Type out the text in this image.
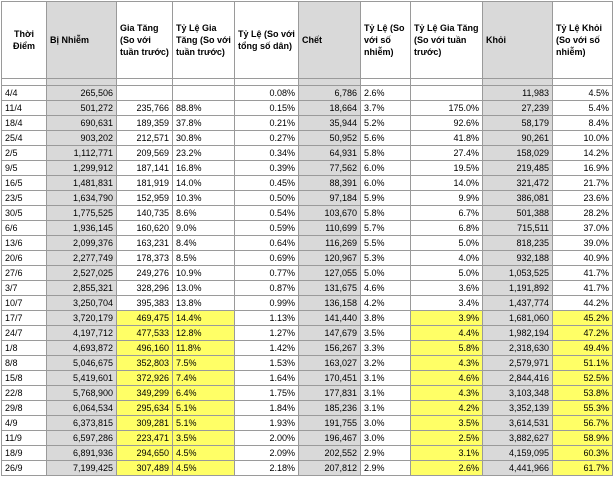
Thời Điểm	Bị Nhiễm	Gia Tăng (So với tuần trước)	Tỷ Lệ Gia Tăng (So với tuần trước)	Tỷ Lệ (So với tổng số dân)	Chết	Tỷ Lệ (So với số nhiễm)	Tỷ Lệ Gia Tăng (So với tuần trước)	Khỏi	Tỷ Lệ Khỏi (So với số nhiễm)

4/4	265,506			0.08%	6,786	2.6%		11,983	4.5%
11/4	501,272	235,766	88.8%	0.15%	18,664	3.7%	175.0%	27,239	5.4%
18/4	690,631	189,359	37.8%	0.21%	35,944	5.2%	92.6%	58,179	8.4%
25/4	903,202	212,571	30.8%	0.27%	50,952	5.6%	41.8%	90,261	10.0%
2/5	1,112,771	209,569	23.2%	0.34%	64,931	5.8%	27.4%	158,029	14.2%
9/5	1,299,912	187,141	16.8%	0.39%	77,562	6.0%	19.5%	219,485	16.9%
16/5	1,481,831	181,919	14.0%	0.45%	88,391	6.0%	14.0%	321,472	21.7%
23/5	1,634,790	152,959	10.3%	0.50%	97,184	5.9%	9.9%	386,081	23.6%
30/5	1,775,525	140,735	8.6%	0.54%	103,670	5.8%	6.7%	501,388	28.2%
6/6	1,936,145	160,620	9.0%	0.59%	110,699	5.7%	6.8%	715,511	37.0%
13/6	2,099,376	163,231	8.4%	0.64%	116,269	5.5%	5.0%	818,235	39.0%
20/6	2,277,749	178,373	8.5%	0.69%	120,967	5.3%	4.0%	932,188	40.9%
27/6	2,527,025	249,276	10.9%	0.77%	127,055	5.0%	5.0%	1,053,525	41.7%
3/7	2,855,321	328,296	13.0%	0.87%	131,675	4.6%	3.6%	1,191,892	41.7%
10/7	3,250,704	395,383	13.8%	0.99%	136,158	4.2%	3.4%	1,437,774	44.2%
17/7	3,720,179	469,475	14.4%	1.13%	141,440	3.8%	3.9%	1,681,060	45.2%
24/7	4,197,712	477,533	12.8%	1.27%	147,679	3.5%	4.4%	1,982,194	47.2%
1/8	4,693,872	496,160	11.8%	1.42%	156,267	3.3%	5.8%	2,318,630	49.4%
8/8	5,046,675	352,803	7.5%	1.53%	163,027	3.2%	4.3%	2,579,971	51.1%
15/8	5,419,601	372,926	7.4%	1.64%	170,451	3.1%	4.6%	2,844,416	52.5%
22/8	5,768,900	349,299	6.4%	1.75%	177,831	3.1%	4.3%	3,103,348	53.8%
29/8	6,064,534	295,634	5.1%	1.84%	185,236	3.1%	4.2%	3,352,139	55.3%
4/9	6,373,815	309,281	5.1%	1.93%	191,755	3.0%	3.5%	3,614,531	56.7%
11/9	6,597,286	223,471	3.5%	2.00%	196,467	3.0%	2.5%	3,882,627	58.9%
18/9	6,891,936	294,650	4.5%	2.09%	202,552	2.9%	3.1%	4,159,095	60.3%
26/9	7,199,425	307,489	4.5%	2.18%	207,812	2.9%	2.6%	4,441,966	61.7%
